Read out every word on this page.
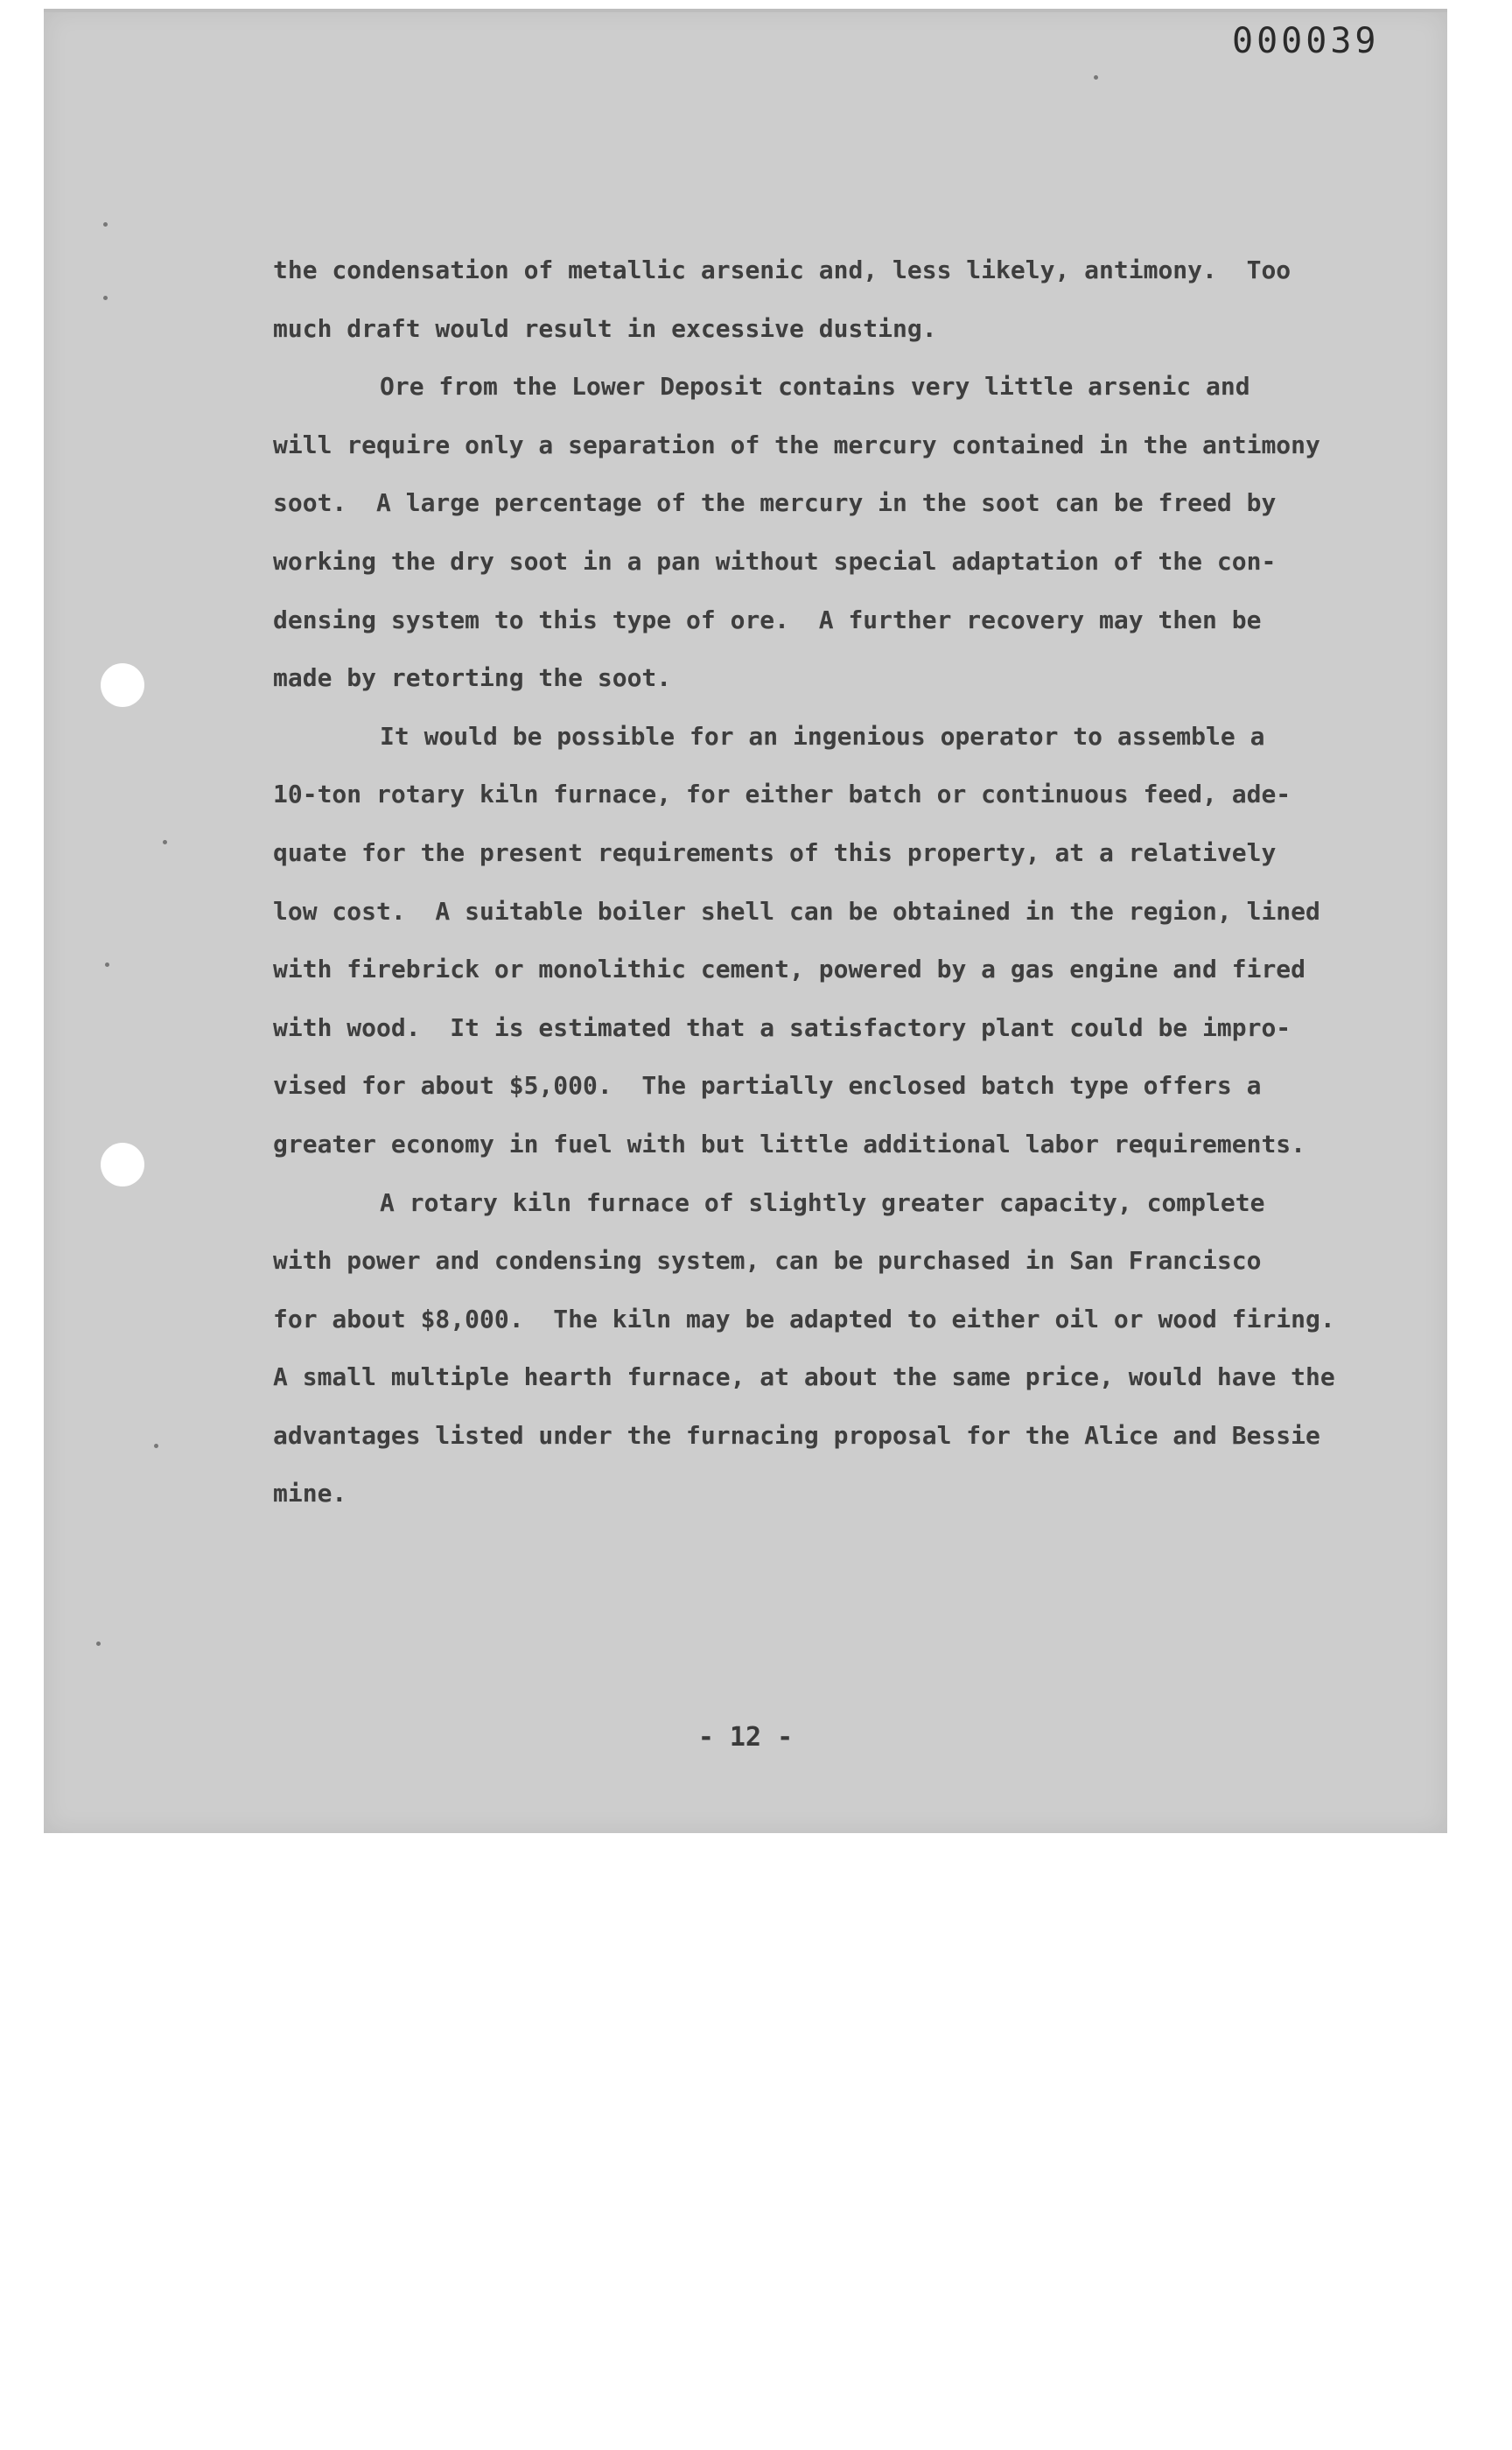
000039
the condensation of metallic arsenic and, less likely, antimony.  Too
much draft would result in excessive dusting.
Ore from the Lower Deposit contains very little arsenic and
will require only a separation of the mercury contained in the antimony
soot.  A large percentage of the mercury in the soot can be freed by
working the dry soot in a pan without special adaptation of the con-
densing system to this type of ore.  A further recovery may then be
made by retorting the soot.
It would be possible for an ingenious operator to assemble a
10-ton rotary kiln furnace, for either batch or continuous feed, ade-
quate for the present requirements of this property, at a relatively
low cost.  A suitable boiler shell can be obtained in the region, lined
with firebrick or monolithic cement, powered by a gas engine and fired
with wood.  It is estimated that a satisfactory plant could be impro-
vised for about $5,000.  The partially enclosed batch type offers a
greater economy in fuel with but little additional labor requirements.
A rotary kiln furnace of slightly greater capacity, complete
with power and condensing system, can be purchased in San Francisco
for about $8,000.  The kiln may be adapted to either oil or wood firing.
A small multiple hearth furnace, at about the same price, would have the
advantages listed under the furnacing proposal for the Alice and Bessie
mine.
- 12 -
